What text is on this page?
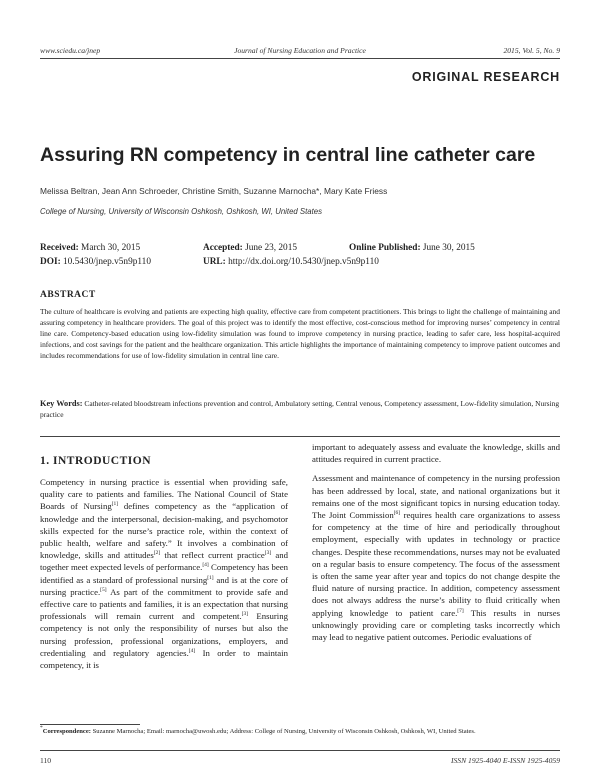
www.sciedu.ca/jnep	Journal of Nursing Education and Practice	2015, Vol. 5, No. 9
ORIGINAL RESEARCH
Assuring RN competency in central line catheter care
Melissa Beltran, Jean Ann Schroeder, Christine Smith, Suzanne Marnocha*, Mary Kate Friess
College of Nursing, University of Wisconsin Oshkosh, Oshkosh, WI, United States
Received: March 30, 2015	Accepted: June 23, 2015	Online Published: June 30, 2015
DOI: 10.5430/jnep.v5n9p110	URL: http://dx.doi.org/10.5430/jnep.v5n9p110
ABSTRACT
The culture of healthcare is evolving and patients are expecting high quality, effective care from competent practitioners. This brings to light the challenge of maintaining and assuring competency in healthcare providers. The goal of this project was to identify the most effective, cost-conscious method for improving nurses’ competency in central line care. Competency-based education using low-fidelity simulation was found to improve competency in nursing practice, leading to safer care, less hospital-acquired infections, and cost savings for the patient and the healthcare organization. This article highlights the importance of maintaining competency to improve patient outcomes and includes recommendations for use of low-fidelity simulation in central line care.
Key Words: Catheter-related bloodstream infections prevention and control, Ambulatory setting, Central venous, Competency assessment, Low-fidelity simulation, Nursing practice
1. INTRODUCTION

Competency in nursing practice is essential when providing safe, quality care to patients and families. The National Council of State Boards of Nursing[1] defines competency as the “application of knowledge and the interpersonal, decision-making, and psychomotor skills expected for the nurse’s practice role, within the context of public health, welfare and safety.” It involves a combination of knowledge, skills and attitudes[2] that reflect current practice[3] and together meet expected levels of performance.[4] Competency has been identified as a standard of professional nursing[1] and is at the core of nursing practice.[5] As part of the commitment to provide safe and effective care to patients and families, it is an expectation that nursing professionals will remain current and competent.[3] Ensuring competency is not only the responsibility of nurses but also the nursing profession, professional organizations, employers, and credentialing and regulatory agencies.[4] In order to maintain competency, it is

important to adequately assess and evaluate the knowledge, skills and attitudes required in current practice.

Assessment and maintenance of competency in the nursing profession has been addressed by local, state, and national organizations but it remains one of the most significant topics in nursing education today. The Joint Commission[6] requires health care organizations to assess for competency at the time of hire and periodically throughout employment, especially with updates in technology or practice changes. Despite these recommendations, nurses may not be evaluated on a regular basis to ensure competency. The focus of the assessment is often the same year after year and topics do not change despite the fluid nature of nursing practice. In addition, competency assessment does not always address the nurse’s ability to fluid critically when applying knowledge to patient care.[7] This results in nurses unknowingly providing care or completing tasks incorrectly which may lead to negative patient outcomes. Periodic evaluations of

*Correspondence: Suzanne Marnocha; Email: marnocha@uwosh.edu; Address: College of Nursing, University of Wisconsin Oshkosh, Oshkosh, WI, United States.
110	ISSN 1925-4040 E-ISSN 1925-4059
